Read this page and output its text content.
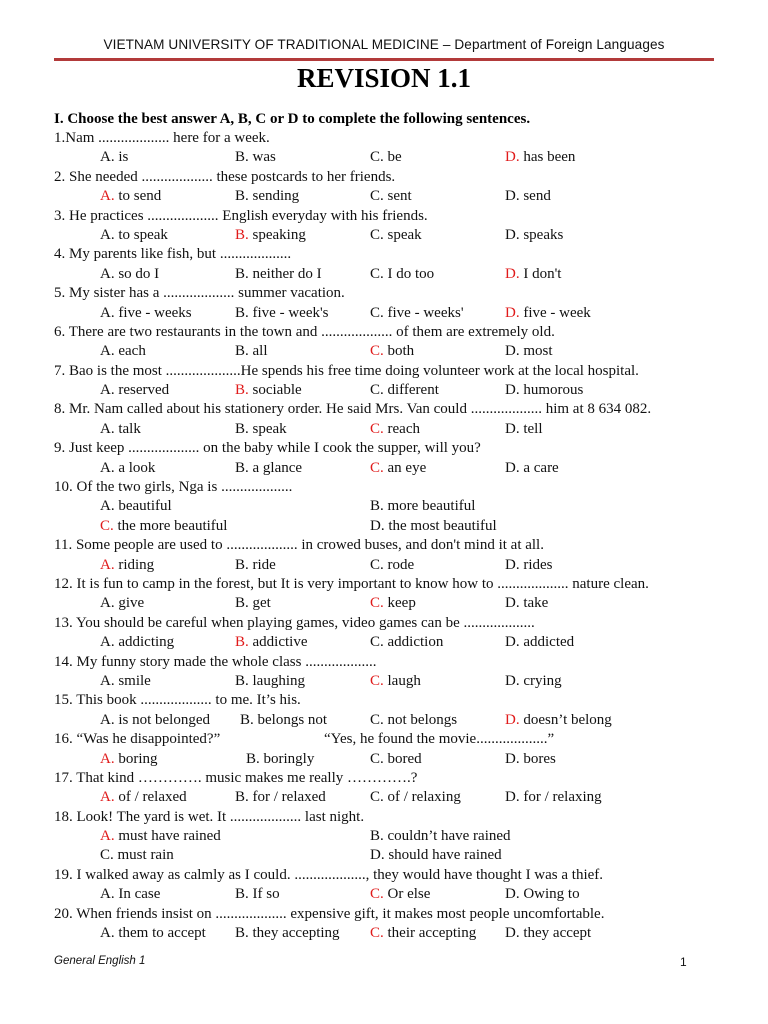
VIETNAM UNIVERSITY OF TRADITIONAL MEDICINE – Department of Foreign Languages
REVISION 1.1
I. Choose the best answer A, B, C or D to complete the following sentences.
1.Nam ................... here for a week.
A. is	B. was	C. be	D. has been
2. She needed ................... these postcards to her friends.
A. to send	B. sending	C. sent	D. send
3. He practices ................... English everyday with his friends.
A. to speak	B. speaking	C. speak	D. speaks
4. My parents like fish, but ...................
A. so do I	B. neither do I	C. I do too	D. I don't
5. My sister has a ................... summer vacation.
A. five - weeks	B. five - week's	C. five - weeks'	D. five - week
6. There are two restaurants in the town and ................... of them are extremely old.
A. each	B. all	C. both	D. most
7. Bao is the most ....................He spends his free time doing volunteer work at the local hospital.
A. reserved	B. sociable	C. different	D. humorous
8. Mr. Nam called about his stationery order. He said Mrs. Van could ................... him at 8 634 082.
A. talk	B. speak	C. reach	D. tell
9. Just keep ................... on the baby while I cook the supper, will you?
A. a look	B. a glance	C. an eye	D. a care
10. Of the two girls, Nga is ...................
A. beautiful	B. more beautiful
C. the more beautiful	D. the most beautiful
11. Some people are used to ................... in crowed buses, and don't mind it at all.
A. riding	B. ride	C. rode	D. rides
12. It is fun to camp in the forest, but It is very important to know how to ................... nature clean.
A. give	B. get	C. keep	D. take
13. You should be careful when playing games, video games can be ...................
A. addicting	B. addictive	C. addiction	D. addicted
14. My funny story made the whole class ...................
A. smile	B. laughing	C. laugh	D. crying
15. This book ................... to me. It’s his.
A. is not belonged B. belongs not	C. not belongs	D. doesn’t belong
16. “Was he disappointed?”	“Yes, he found the movie...................”
A. boring	B. boringly	C. bored	D. bores
17. That kind …………. music makes me really ………….?
A. of / relaxed	B. for / relaxed	C. of / relaxing	D. for / relaxing
18. Look! The yard is wet. It ................... last night.
A. must have rained	B. couldn’t have rained
C. must rain	D. should have rained
19. I walked away as calmly as I could. ..................., they would have thought I was a thief.
A. In case	B. If so	C. Or else	D. Owing to
20. When friends insist on ................... expensive gift, it makes most people uncomfortable.
A. them to accept B. they accepting C. their accepting D. they accept
General English 1	1
